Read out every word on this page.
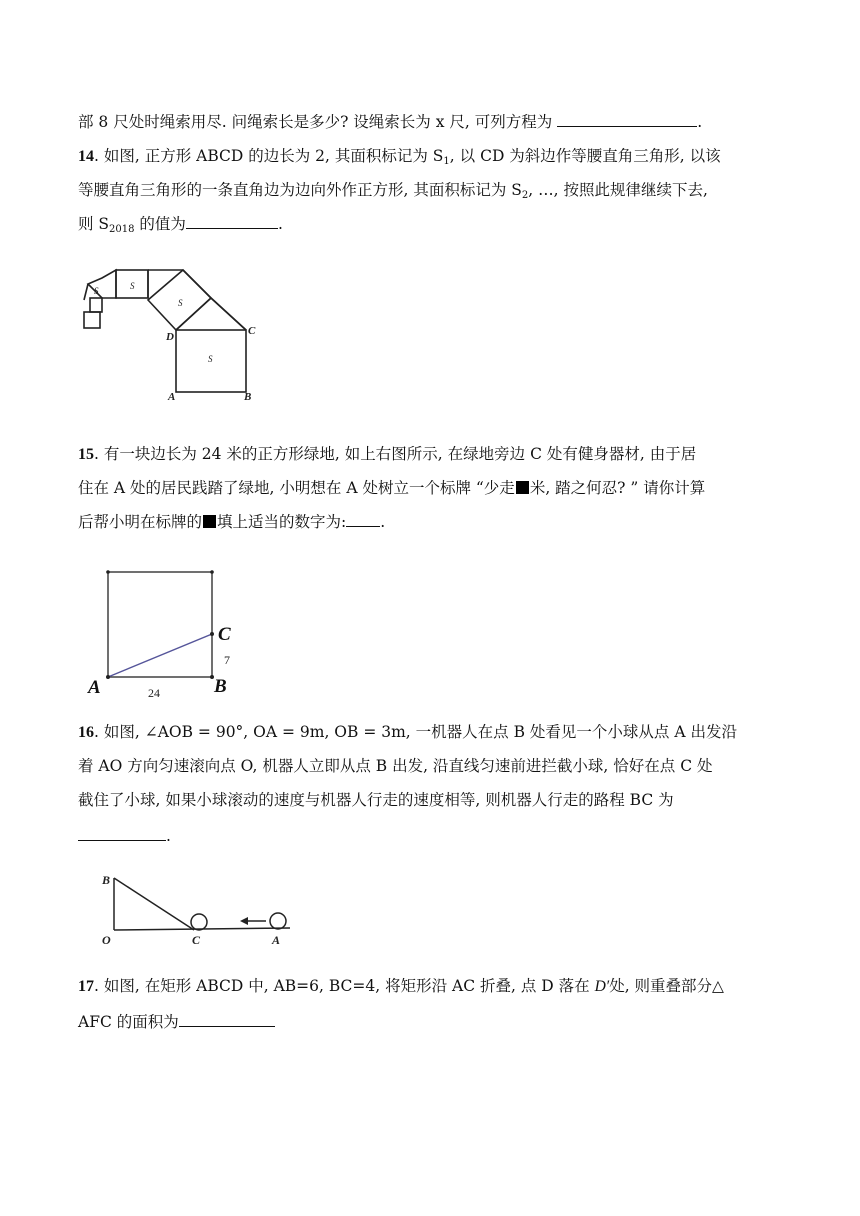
部 8 尺处时绳索用尽. 问绳索长是多少? 设绳索长为 x 尺, 可列方程为	.
14. 如图, 正方形 ABCD 的边长为 2, 其面积标记为 $S_1$, 以 CD 为斜边作等腰直角三角形, 以该
等腰直角三角形的一条直角边为边向外作正方形, 其面积标记为 $S_2$, …, 按照此规律继续下去,
则 $S_{2018}$ 的值为	.
S	S
S
S
D	C
A	B
15. 有一块边长为 24 米的正方形绿地, 如上右图所示, 在绿地旁边 C 处有健身器材, 由于居
住在 A 处的居民践踏了绿地, 小明想在 A 处树立一个标牌 “少走 米, 踏之何忍? ” 请你计算
后帮小明在标牌的 填上适当的数字为: .
A	B
C
24
7
16. 如图, ∠AOB = 90°, OA = 9m, OB = 3m, 一机器人在点 B 处看见一个小球从点 A 出发沿
着 AO 方向匀速滚向点 O, 机器人立即从点 B 出发, 沿直线匀速前进拦截小球, 恰好在点 C 处
截住了小球, 如果小球滚动的速度与机器人行走的速度相等, 则机器人行走的路程 BC 为
.
B
O	C	A
17. 如图, 在矩形 ABCD 中, AB=6, BC=4, 将矩形沿 AC 折叠, 点 D 落在 D′处, 则重叠部分△
AFC 的面积为
